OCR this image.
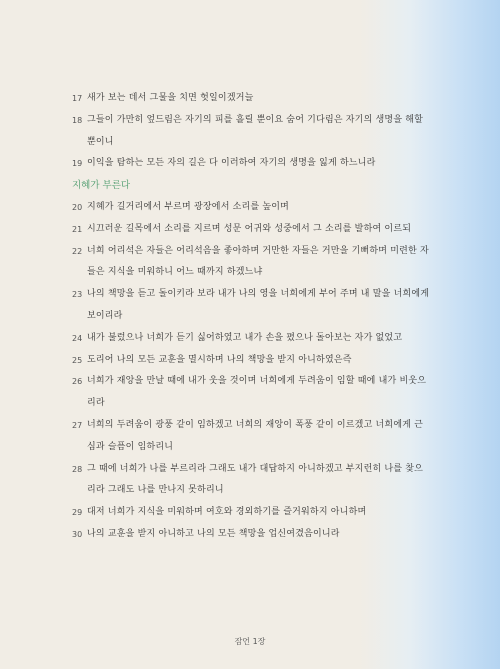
17 새가 보는 데서 그물을 치면 헛일이겠거늘
18 그들이 가만히 엎드림은 자기의 피를 흘릴 뿐이요 숨어 기다림은 자기의 생명을 해할 뿐이니
19 이익을 탐하는 모든 자의 길은 다 이러하여 자기의 생명을 잃게 하느니라
지혜가 부른다
20 지혜가 길거리에서 부르며 광장에서 소리를 높이며
21 시끄러운 길목에서 소리를 지르며 성문 어귀와 성중에서 그 소리를 발하여 이르되
22 너희 어리석은 자들은 어리석음을 좋아하며 거만한 자들은 거만을 기뻐하며 미련한 자들은 지식을 미워하니 어느 때까지 하겠느냐
23 나의 책망을 듣고 돌이키라 보라 내가 나의 영을 너희에게 부어 주며 내 말을 너희에게 보이리라
24 내가 불렀으나 너희가 듣기 싫어하였고 내가 손을 폈으나 돌아보는 자가 없었고
25 도리어 나의 모든 교훈을 멸시하며 나의 책망을 받지 아니하였은즉
26 너희가 재앙을 만날 때에 내가 웃을 것이며 너희에게 두려움이 임할 때에 내가 비웃으리라
27 너희의 두려움이 광풍 같이 임하겠고 너희의 재앙이 폭풍 같이 이르겠고 너희에게 근심과 슬픔이 임하리니
28 그 때에 너희가 나를 부르리라 그래도 내가 대답하지 아니하겠고 부지런히 나를 찾으리라 그래도 나를 만나지 못하리니
29 대저 너희가 지식을 미워하며 여호와 경외하기를 즐거워하지 아니하며
30 나의 교훈을 받지 아니하고 나의 모든 책망을 업신여겼음이니라
잠언 1장
